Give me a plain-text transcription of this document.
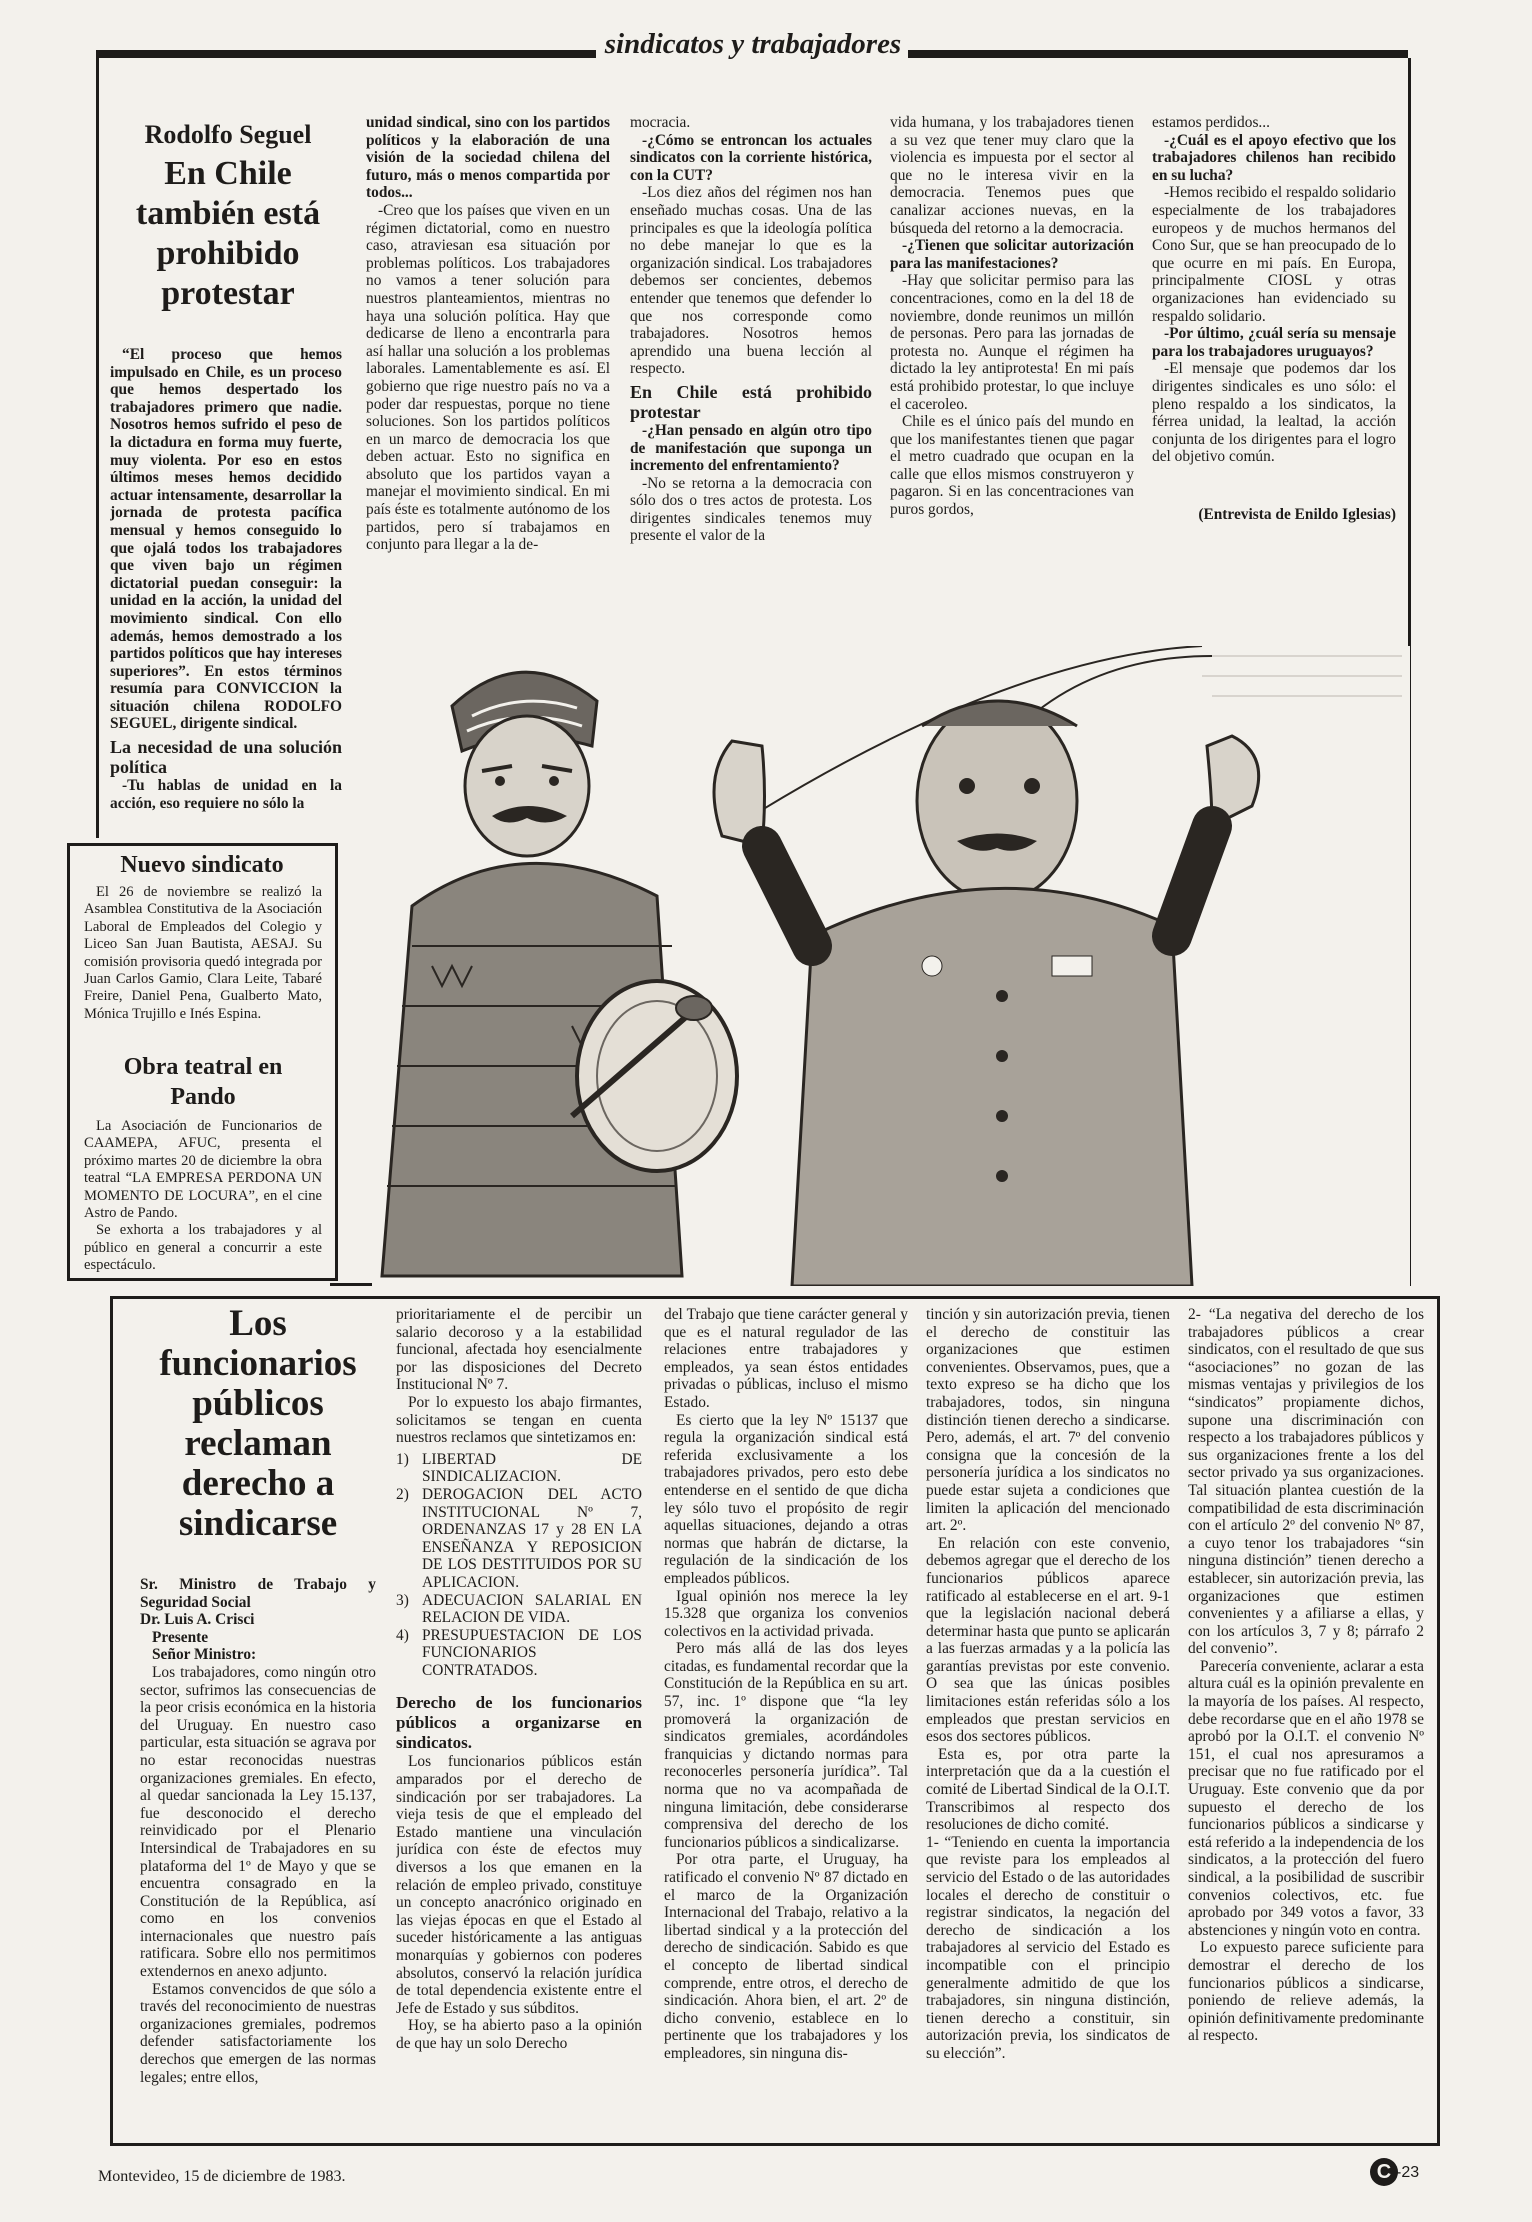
sindicatos y trabajadores
Rodolfo Seguel
En Chile también está prohibido protestar

“El proceso que hemos impulsado en Chile, es un proceso que hemos despertado los trabajadores primero que nadie. Nosotros hemos sufrido el peso de la dictadura en forma muy fuerte, muy violenta. Por eso en estos últimos meses hemos decidido actuar intensamente, desarrollar la jornada de protesta pacífica mensual y hemos conseguido lo que ojalá todos los trabajadores que viven bajo un régimen dictatorial puedan conseguir: la unidad en la acción, la unidad del movimiento sindical. Con ello además, hemos demostrado a los partidos políticos que hay intereses superiores”. En estos términos resumía para CONVICCION la situación chilena RODOLFO SEGUEL, dirigente sindical.

La necesidad de una solución política

-Tu hablas de unidad en la acción, eso requiere no sólo la

unidad sindical, sino con los partidos políticos y la elaboración de una visión de la sociedad chilena del futuro, más o menos compartida por todos...

-Creo que los países que viven en un régimen dictatorial, como en nuestro caso, atraviesan esa situación por problemas políticos. Los trabajadores no vamos a tener solución para nuestros planteamientos, mientras no haya una solución política. Hay que dedicarse de lleno a encontrarla para así hallar una solución a los problemas laborales. Lamentablemente es así. El gobierno que rige nuestro país no va a poder dar respuestas, porque no tiene soluciones. Son los partidos políticos en un marco de democracia los que deben actuar. Esto no significa en absoluto que los partidos vayan a manejar el movimiento sindical. En mi país éste es totalmente autónomo de los partidos, pero sí trabajamos en conjunto para llegar a la de-

mocracia.

-¿Cómo se entroncan los actuales sindicatos con la corriente histórica, con la CUT?

-Los diez años del régimen nos han enseñado muchas cosas. Una de las principales es que la ideología política no debe manejar lo que es la organización sindical. Los trabajadores debemos ser concientes, debemos entender que tenemos que defender lo que nos corresponde como trabajadores. Nosotros hemos aprendido una buena lección al respecto.

En Chile está prohibido protestar

-¿Han pensado en algún otro tipo de manifestación que suponga un incremento del enfrentamiento?

-No se retorna a la democracia con sólo dos o tres actos de protesta. Los dirigentes sindicales tenemos muy presente el valor de la

vida humana, y los trabajadores tienen a su vez que tener muy claro que la violencia es impuesta por el sector al que no le interesa vivir en la democracia. Tenemos pues que canalizar acciones nuevas, en la búsqueda del retorno a la democracia.

-¿Tienen que solicitar autorización para las manifestaciones?

-Hay que solicitar permiso para las concentraciones, como en la del 18 de noviembre, donde reunimos un millón de personas. Pero para las jornadas de protesta no. Aunque el régimen ha dictado la ley antiprotesta! En mi país está prohibido protestar, lo que incluye el caceroleo.

Chile es el único país del mundo en que los manifestantes tienen que pagar el metro cuadrado que ocupan en la calle que ellos mismos construyeron y pagaron. Si en las concentraciones van puros gordos,

estamos perdidos...

-¿Cuál es el apoyo efectivo que los trabajadores chilenos han recibido en su lucha?

-Hemos recibido el respaldo solidario especialmente de los trabajadores europeos y de muchos hermanos del Cono Sur, que se han preocupado de lo que ocurre en mi país. En Europa, principalmente CIOSL y otras organizaciones han evidenciado su respaldo solidario.

-Por último, ¿cuál sería su mensaje para los trabajadores uruguayos?

-El mensaje que podemos dar los dirigentes sindicales es uno sólo: el pleno respaldo a los sindicatos, la férrea unidad, la lealtad, la acción conjunta de los dirigentes para el logro del objetivo común.

(Entrevista de Enildo Iglesias)

Nuevo sindicato

El 26 de noviembre se realizó la Asamblea Constitutiva de la Asociación Laboral de Empleados del Colegio y Liceo San Juan Bautista, AESAJ. Su comisión provisoria quedó integrada por Juan Carlos Gamio, Clara Leite, Tabaré Freire, Daniel Pena, Gualberto Mato, Mónica Trujillo e Inés Espina.

Obra teatral en Pando

La Asociación de Funcionarios de CAAMEPA, AFUC, presenta el próximo martes 20 de diciembre la obra teatral “LA EMPRESA PERDONA UN MOMENTO DE LOCURA”, en el cine Astro de Pando.

Se exhorta a los trabajadores y al público en general a concurrir a este espectáculo.

Los funcionarios públicos reclaman derecho a sindicarse

Sr. Ministro de Trabajo y Seguridad Social

Dr. Luis A. Crisci

Presente

Señor Ministro:

Los trabajadores, como ningún otro sector, sufrimos las consecuencias de la peor crisis económica en la historia del Uruguay. En nuestro caso particular, esta situación se agrava por no estar reconocidas nuestras organizaciones gremiales. En efecto, al quedar sancionada la Ley 15.137, fue desconocido el derecho reinvidicado por el Plenario Intersindical de Trabajadores en su plataforma del 1º de Mayo y que se encuentra consagrado en la Constitución de la República, así como en los convenios internacionales que nuestro país ratificara. Sobre ello nos permitimos extendernos en anexo adjunto.

Estamos convencidos de que sólo a través del reconocimiento de nuestras organizaciones gremiales, podremos defender satisfactoriamente los derechos que emergen de las normas legales; entre ellos,

prioritariamente el de percibir un salario decoroso y a la estabilidad funcional, afectada hoy esencialmente por las disposiciones del Decreto Institucional Nº 7.

Por lo expuesto los abajo firmantes, solicitamos se tengan en cuenta nuestros reclamos que sintetizamos en:

1) LIBERTAD DE SINDICALIZACION.
2) DEROGACION DEL ACTO INSTITUCIONAL Nº 7, ORDENANZAS 17 y 28 EN LA ENSEÑANZA Y REPOSICION DE LOS DESTITUIDOS POR SU APLICACION.
3) ADECUACION SALARIAL EN RELACION DE VIDA.
4) PRESUPUESTACION DE LOS FUNCIONARIOS CONTRATADOS.

Derecho de los funcionarios públicos a organizarse en sindicatos.

Los funcionarios públicos están amparados por el derecho de sindicación por ser trabajadores. La vieja tesis de que el empleado del Estado mantiene una vinculación jurídica con éste de efectos muy diversos a los que emanen en la relación de empleo privado, constituye un concepto anacrónico originado en las viejas épocas en que el Estado al suceder históricamente a las antiguas monarquías y gobiernos con poderes absolutos, conservó la relación jurídica de total dependencia existente entre el Jefe de Estado y sus súbditos.

Hoy, se ha abierto paso a la opinión de que hay un solo Derecho

del Trabajo que tiene carácter general y que es el natural regulador de las relaciones entre trabajadores y empleados, ya sean éstos entidades privadas o públicas, incluso el mismo Estado.

Es cierto que la ley Nº 15137 que regula la organización sindical está referida exclusivamente a los trabajadores privados, pero esto debe entenderse en el sentido de que dicha ley sólo tuvo el propósito de regir aquellas situaciones, dejando a otras normas que habrán de dictarse, la regulación de la sindicación de los empleados públicos.

Igual opinión nos merece la ley 15.328 que organiza los convenios colectivos en la actividad privada.

Pero más allá de las dos leyes citadas, es fundamental recordar que la Constitución de la República en su art. 57, inc. 1º dispone que “la ley promoverá la organización de sindicatos gremiales, acordándoles franquicias y dictando normas para reconocerles personería jurídica”. Tal norma que no va acompañada de ninguna limitación, debe considerarse comprensiva del derecho de los funcionarios públicos a sindicalizarse.

Por otra parte, el Uruguay, ha ratificado el convenio Nº 87 dictado en el marco de la Organización Internacional del Trabajo, relativo a la libertad sindical y a la protección del derecho de sindicación. Sabido es que el concepto de libertad sindical comprende, entre otros, el derecho de sindicación. Ahora bien, el art. 2º de dicho convenio, establece en lo pertinente que los trabajadores y los empleadores, sin ninguna dis-

tinción y sin autorización previa, tienen el derecho de constituir las organizaciones que estimen convenientes. Observamos, pues, que a texto expreso se ha dicho que los trabajadores, todos, sin ninguna distinción tienen derecho a sindicarse. Pero, además, el art. 7º del convenio consigna que la concesión de la personería jurídica a los sindicatos no puede estar sujeta a condiciones que limiten la aplicación del mencionado art. 2º.

En relación con este convenio, debemos agregar que el derecho de los funcionarios públicos aparece ratificado al establecerse en el art. 9-1 que la legislación nacional deberá determinar hasta que punto se aplicarán a las fuerzas armadas y a la policía las garantías previstas por este convenio. O sea que las únicas posibles limitaciones están referidas sólo a los empleados que prestan servicios en esos dos sectores públicos.

Esta es, por otra parte la interpretación que da a la cuestión el comité de Libertad Sindical de la O.I.T. Transcribimos al respecto dos resoluciones de dicho comité.

1- “Teniendo en cuenta la importancia que reviste para los empleados al servicio del Estado o de las autoridades locales el derecho de constituir o registrar sindicatos, la negación del derecho de sindicación a los trabajadores al servicio del Estado es incompatible con el principio generalmente admitido de que los trabajadores, sin ninguna distinción, tienen derecho a constituir, sin autorización previa, los sindicatos de su elección”.

2- “La negativa del derecho de los trabajadores públicos a crear sindicatos, con el resultado de que sus “asociaciones” no gozan de las mismas ventajas y privilegios de los “sindicatos” propiamente dichos, supone una discriminación con respecto a los trabajadores públicos y sus organizaciones frente a los del sector privado ya sus organizaciones. Tal situación plantea cuestión de la compatibilidad de esta discriminación con el artículo 2º del convenio Nº 87, a cuyo tenor los trabajadores “sin ninguna distinción” tienen derecho a establecer, sin autorización previa, las organizaciones que estimen convenientes y a afiliarse a ellas, y con los artículos 3, 7 y 8; párrafo 2 del convenio”.

Parecería conveniente, aclarar a esta altura cuál es la opinión prevalente en la mayoría de los países. Al respecto, debe recordarse que en el año 1978 se aprobó por la O.I.T. el convenio Nº 151, el cual nos apresuramos a precisar que no fue ratificado por el Uruguay. Este convenio que da por supuesto el derecho de los funcionarios públicos a sindicarse y está referido a la independencia de los sindicatos, a la protección del fuero sindical, a la posibilidad de suscribir convenios colectivos, etc. fue aprobado por 349 votos a favor, 33 abstenciones y ningún voto en contra.

Lo expuesto parece suficiente para demostrar el derecho de los funcionarios públicos a sindicarse, poniendo de relieve además, la opinión definitivamente predominante al respecto.

Montevideo, 15 de diciembre de 1983.	C -23
